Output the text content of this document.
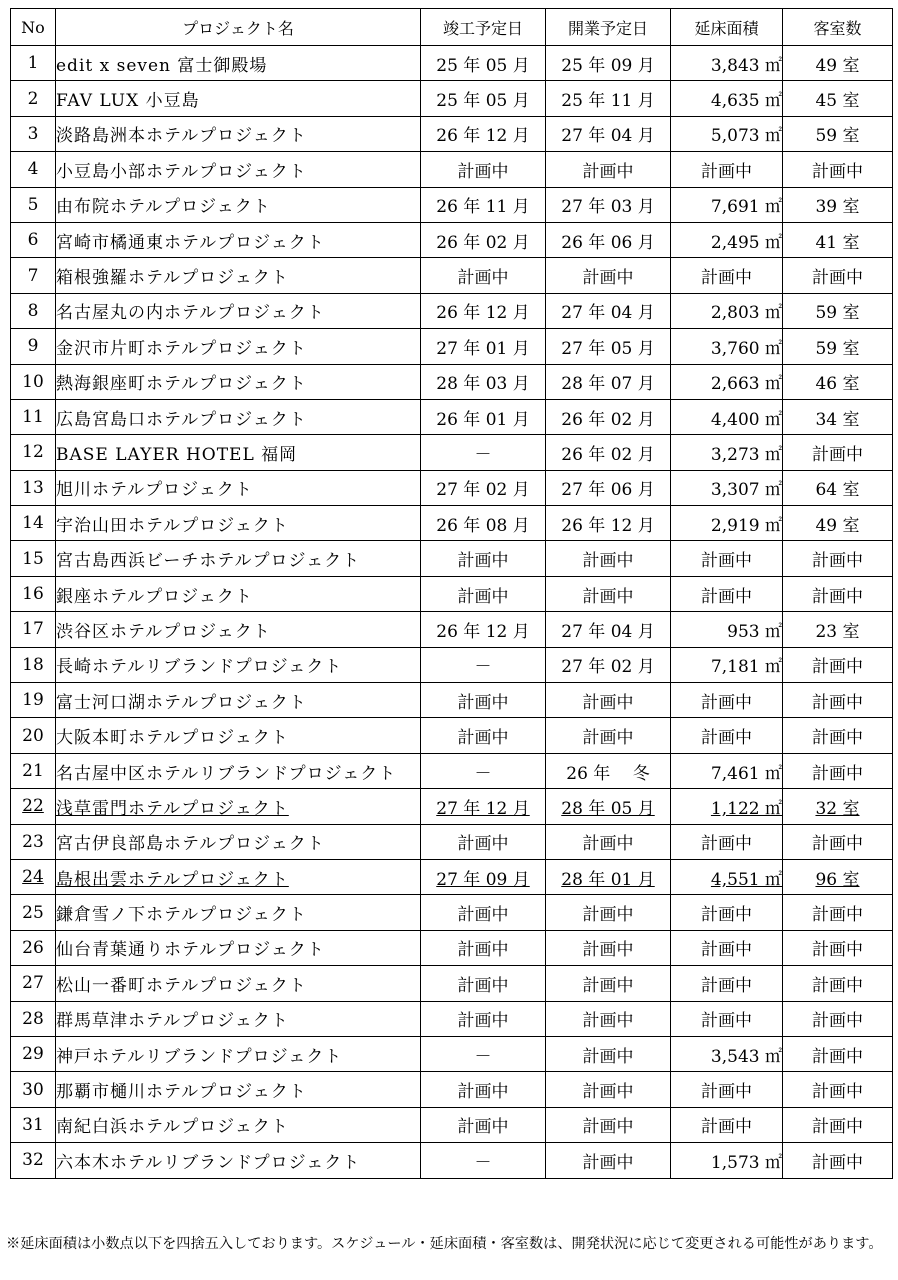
No	プロジェクト名	竣工予定日	開業予定日	延床面積	客室数
1	edit x seven 富士御殿場	25 年 05 月	25 年 09 月	3,843 ㎡	49 室
2	FAV LUX 小豆島	25 年 05 月	25 年 11 月	4,635 ㎡	45 室
3	淡路島洲本ホテルプロジェクト	26 年 12 月	27 年 04 月	5,073 ㎡	59 室
4	小豆島小部ホテルプロジェクト	計画中	計画中	計画中	計画中
5	由布院ホテルプロジェクト	26 年 11 月	27 年 03 月	7,691 ㎡	39 室
6	宮崎市橘通東ホテルプロジェクト	26 年 02 月	26 年 06 月	2,495 ㎡	41 室
7	箱根強羅ホテルプロジェクト	計画中	計画中	計画中	計画中
8	名古屋丸の内ホテルプロジェクト	26 年 12 月	27 年 04 月	2,803 ㎡	59 室
9	金沢市片町ホテルプロジェクト	27 年 01 月	27 年 05 月	3,760 ㎡	59 室
10	熱海銀座町ホテルプロジェクト	28 年 03 月	28 年 07 月	2,663 ㎡	46 室
11	広島宮島口ホテルプロジェクト	26 年 01 月	26 年 02 月	4,400 ㎡	34 室
12	BASE LAYER HOTEL 福岡	－	26 年 02 月	3,273 ㎡	計画中
13	旭川ホテルプロジェクト	27 年 02 月	27 年 06 月	3,307 ㎡	64 室
14	宇治山田ホテルプロジェクト	26 年 08 月	26 年 12 月	2,919 ㎡	49 室
15	宮古島西浜ビーチホテルプロジェクト	計画中	計画中	計画中	計画中
16	銀座ホテルプロジェクト	計画中	計画中	計画中	計画中
17	渋谷区ホテルプロジェクト	26 年 12 月	27 年 04 月	953 ㎡	23 室
18	長崎ホテルリブランドプロジェクト	－	27 年 02 月	7,181 ㎡	計画中
19	富士河口湖ホテルプロジェクト	計画中	計画中	計画中	計画中
20	大阪本町ホテルプロジェクト	計画中	計画中	計画中	計画中
21	名古屋中区ホテルリブランドプロジェクト	－	26 年　 冬	7,461 ㎡	計画中
22	浅草雷門ホテルプロジェクト	27 年 12 月	28 年 05 月	1,122 ㎡	32 室
23	宮古伊良部島ホテルプロジェクト	計画中	計画中	計画中	計画中
24	島根出雲ホテルプロジェクト	27 年 09 月	28 年 01 月	4,551 ㎡	96 室
25	鎌倉雪ノ下ホテルプロジェクト	計画中	計画中	計画中	計画中
26	仙台青葉通りホテルプロジェクト	計画中	計画中	計画中	計画中
27	松山一番町ホテルプロジェクト	計画中	計画中	計画中	計画中
28	群馬草津ホテルプロジェクト	計画中	計画中	計画中	計画中
29	神戸ホテルリブランドプロジェクト	－	計画中	3,543 ㎡	計画中
30	那覇市樋川ホテルプロジェクト	計画中	計画中	計画中	計画中
31	南紀白浜ホテルプロジェクト	計画中	計画中	計画中	計画中
32	六本木ホテルリブランドプロジェクト	－	計画中	1,573 ㎡	計画中

※延床面積は小数点以下を四捨五入しております。スケジュール・延床面積・客室数は、開発状況に応じて変更される可能性があります。
